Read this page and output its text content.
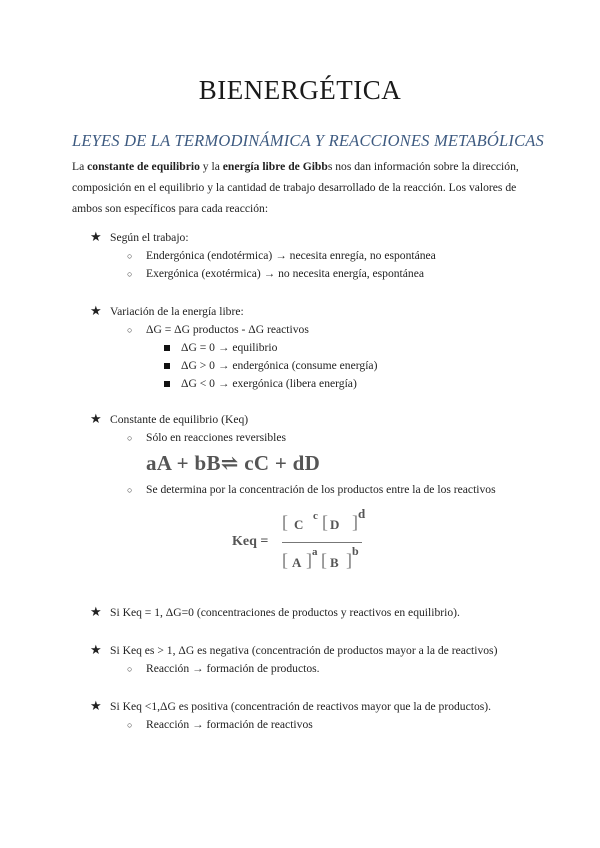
BIENERGÉTICA
LEYES DE LA TERMODINÁMICA Y REACCIONES METABÓLICAS
La constante de equilibrio y la energía libre de Gibbs nos dan información sobre la dirección, composición en el equilibrio y la cantidad de trabajo desarrollado de la reacción. Los valores de ambos son específicos para cada reacción:
★ Según el trabajo:
○ Endergónica (endotérmica) → necesita enregía, no espontánea
○ Exergónica (exotérmica) → no necesita energía, espontánea
★ Variación de la energía libre:
○ ΔG = ΔG productos - ΔG reactivos
ΔG = 0 → equilibrio
ΔG > 0 → endergónica (consume energía)
ΔG < 0 → exergónica (libera energía)
★ Constante de equilibrio (Keq)
○ Sólo en reacciones reversibles
aA + bB⇌ cC + dD
○ Se determina por la concentración de los productos entre la de los reactivos
Keq =
[ C
c [ D ] d
[ A ] a [ B ] b
★ Si Keq = 1, ΔG=0 (concentraciones de productos y reactivos en equilibrio).
★ Si Keq es > 1, ΔG es negativa (concentración de productos mayor a la de reactivos)
○ Reacción → formación de productos.
★ Si Keq <1,ΔG es positiva (concentración de reactivos mayor que la de productos).
○ Reacción → formación de reactivos
